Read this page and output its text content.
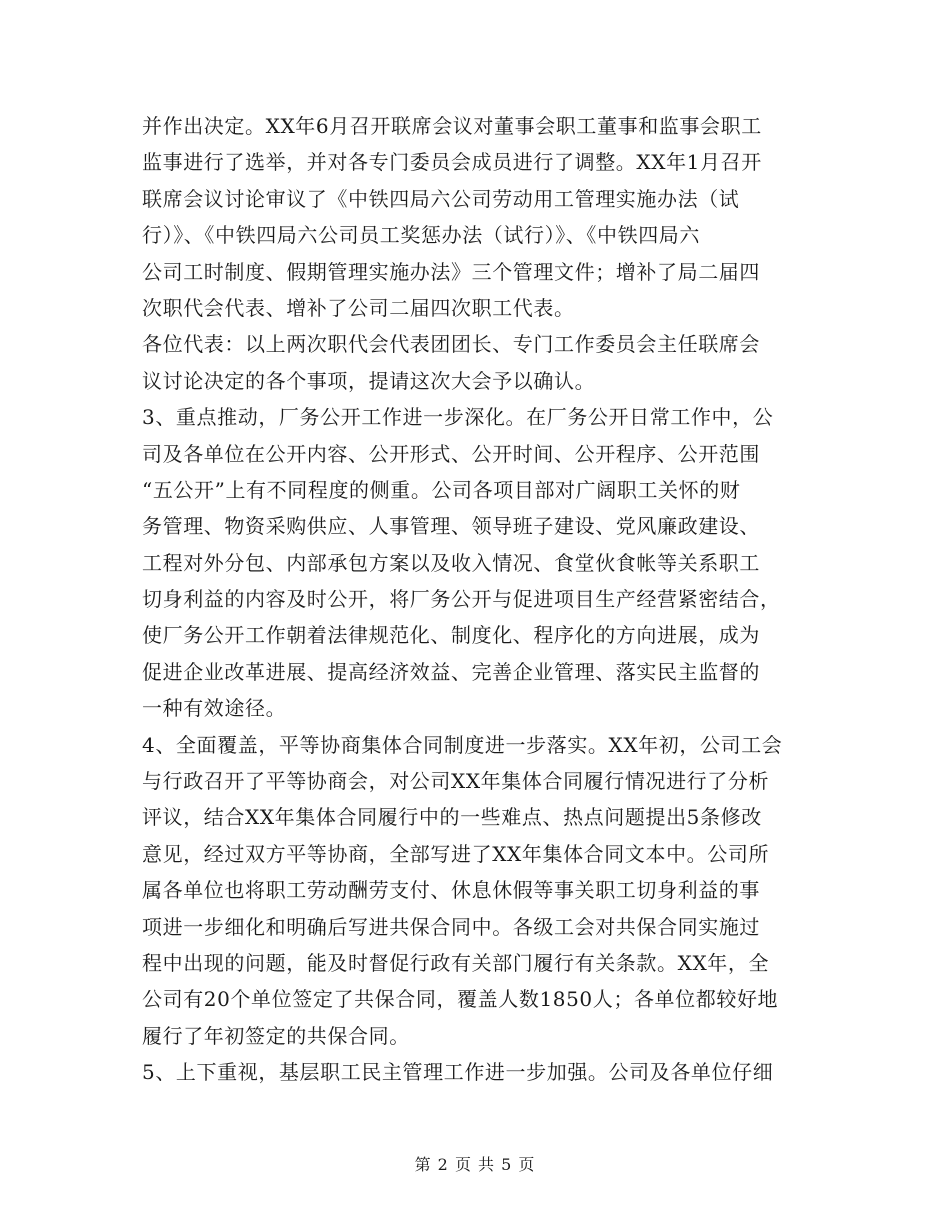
并作出决定。XX年6月召开联席会议对董事会职工董事和监事会职工
监事进行了选举，并对各专门委员会成员进行了调整。XX年1月召开
联席会议讨论审议了《中铁四局六公司劳动用工管理实施办法（试
行）》、《中铁四局六公司员工奖惩办法（试行）》、《中铁四局六
公司工时制度、假期管理实施办法》三个管理文件；增补了局二届四
次职代会代表、增补了公司二届四次职工代表。
各位代表：以上两次职代会代表团团长、专门工作委员会主任联席会
议讨论决定的各个事项，提请这次大会予以确认。
3、重点推动，厂务公开工作进一步深化。在厂务公开日常工作中，公
司及各单位在公开内容、公开形式、公开时间、公开程序、公开范围
“五公开”上有不同程度的侧重。公司各项目部对广阔职工关怀的财
务管理、物资采购供应、人事管理、领导班子建设、党风廉政建设、
工程对外分包、内部承包方案以及收入情况、食堂伙食帐等关系职工
切身利益的内容及时公开，将厂务公开与促进项目生产经营紧密结合，
使厂务公开工作朝着法律规范化、制度化、程序化的方向进展，成为
促进企业改革进展、提高经济效益、完善企业管理、落实民主监督的
一种有效途径。
4、全面覆盖，平等协商集体合同制度进一步落实。XX年初，公司工会
与行政召开了平等协商会，对公司XX年集体合同履行情况进行了分析
评议，结合XX年集体合同履行中的一些难点、热点问题提出5条修改
意见，经过双方平等协商，全部写进了XX年集体合同文本中。公司所
属各单位也将职工劳动酬劳支付、休息休假等事关职工切身利益的事
项进一步细化和明确后写进共保合同中。各级工会对共保合同实施过
程中出现的问题，能及时督促行政有关部门履行有关条款。XX年，全
公司有20个单位签定了共保合同，覆盖人数1850人；各单位都较好地
履行了年初签定的共保合同。
5、上下重视，基层职工民主管理工作进一步加强。公司及各单位仔细
第 2 页 共 5 页
